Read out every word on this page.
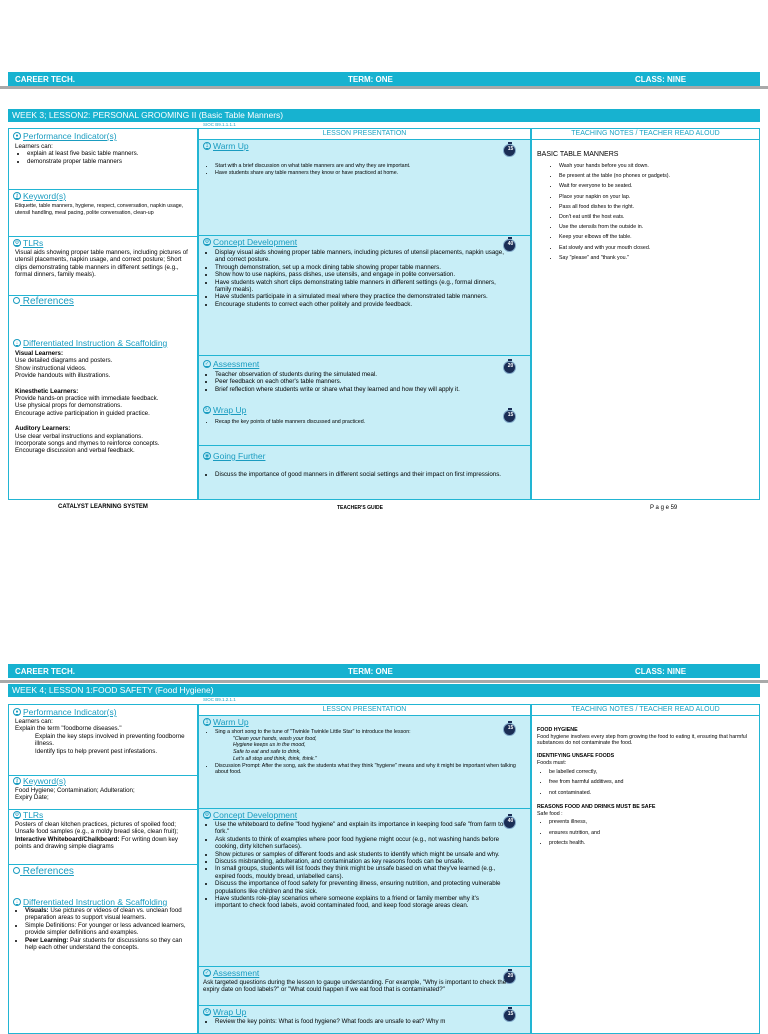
CAREER TECH.	TERM: ONE	CLASS: NINE
WEEK 3; LESSON2: PERSONAL GROOMING II (Basic Table Manners)
SIOC B9.1.1.1.1
● Performance Indicator(s)
Learners can:
• explain at least five basic table manners.
• demonstrate proper table manners
⚷ Keyword(s)
Etiquette, table manners, hygiene, respect, conversation, napkin usage, utensil handling, meal pacing, polite conversation, clean-up
⚙ TLRs
Visual aids showing proper table manners, including pictures of utensil placements, napkin usage, and correct posture; Short clips demonstrating table manners in different settings (e.g., formal dinners, family meals).
References
↓ Differentiated Instruction & Scaffolding
Visual Learners:
Use detailed diagrams and posters.
Show instructional videos.
Provide handouts with illustrations.
Kinesthetic Learners:
Provide hands-on practice with immediate feedback.
Use physical props for demonstrations.
Encourage active participation in guided practice.
Auditory Learners:
Use clear verbal instructions and explanations.
Incorporate songs and rhymes to reinforce concepts.
Encourage discussion and verbal feedback.
LESSON PRESENTATION
1 Warm Up	15
• Start with a brief discussion on what table manners are and why they are important.
• Have students share any table manners they know or have practiced at home.
⚙ Concept Development	40
• Display visual aids showing proper table manners, including pictures of utensil placements, napkin usage, and correct posture.
• Through demonstration, set up a mock dining table showing proper table manners.
• Show how to use napkins, pass dishes, use utensils, and engage in polite conversation.
• Have students watch short clips demonstrating table manners in different settings (e.g., formal dinners, family meals).
• Have students participate in a simulated meal where they practice the demonstrated table manners.
• Encourage students to correct each other politely and provide feedback.
✓ Assessment	20
• Teacher observation of students during the simulated meal.
• Peer feedback on each other's table manners.
• Brief reflection where students write or share what they learned and how they will apply it.
↻ Wrap Up	15
• Recap the key points of table manners discussed and practiced.
◉ Going Further
• Discuss the importance of good manners in different social settings and their impact on first impressions.
TEACHING NOTES / TEACHER READ ALOUD
BASIC TABLE MANNERS
• Wash your hands before you sit down.
• Be present at the table (no phones or gadgets).
• Wait for everyone to be seated.
• Place your napkin on your lap.
• Pass all food dishes to the right.
• Don't eat until the host eats.
• Use the utensils from the outside in.
• Keep your elbows off the table.
• Eat slowly and with your mouth closed.
• Say "please" and "thank you."
CATALYST LEARNING SYSTEM	TEACHER'S GUIDE	P a g e 59
CAREER TECH.	TERM: ONE	CLASS: NINE
WEEK 4; LESSON 1:FOOD SAFETY (Food Hygiene)
SIOC B9.1.2.1.1
● Performance Indicator(s)
Learners can:
Explain the term "foodborne diseases."
Explain the key steps involved in preventing foodborne illness.
Identify tips to help prevent pest infestations.
⚷ Keyword(s)
Food Hygiene; Contamination; Adulteration; Expiry Date;
⚙ TLRs
Posters of clean kitchen practices, pictures of spoiled food; Unsafe food samples (e.g., a moldy bread slice, clean fruit); Interactive Whiteboard/Chalkboard: For writing down key points and drawing simple diagrams
References
↓ Differentiated Instruction & Scaffolding
• Visuals: Use pictures or videos of clean vs. unclean food preparation areas to support visual learners.
• Simple Definitions: For younger or less advanced learners, provide simpler definitions and examples.
• Peer Learning: Pair students for discussions so they can help each other understand the concepts.
LESSON PRESENTATION
1 Warm Up
15
• Sing a short song to the tune of "Twinkle Twinkle Little Star" to introduce the lesson:
"Clean your hands, wash your food,
Hygiene keeps us in the mood,
Safe to eat and safe to drink,
Let's all stop and think, think, think."
• Discussion Prompt: After the song, ask the students what they think "hygiene" means and why it might be important when talking about food.
⚙ Concept Development
40
• Use the whiteboard to define "food hygiene" and explain its importance in keeping food safe "from farm to fork."
• Ask students to think of examples where poor food hygiene might occur (e.g., not washing hands before cooking, dirty kitchen surfaces).
• Show pictures or samples of different foods and ask students to identify which might be unsafe and why.
• Discuss misbranding, adulteration, and contamination as key reasons foods can be unsafe.
• In small groups, students will list foods they think might be unsafe based on what they've learned (e.g., expired foods, mouldy bread, unlabelled cans).
• Discuss the importance of food safety for preventing illness, ensuring nutrition, and protecting vulnerable populations like children and the sick.
• Have students role-play scenarios where someone explains to a friend or family member why it's important to check food labels, avoid contaminated food, and keep food storage areas clean.
✓ Assessment	20
Ask targeted questions during the lesson to gauge understanding. For example, "Why is important to check the expiry date on food labels?" or "What could happen if we eat food that is contaminated?"
↻ Wrap Up	15
• Review the key points: What is food hygiene? What foods are unsafe to eat? Why m
TEACHING NOTES / TEACHER READ ALOUD
FOOD HYGIENE
Food hygiene involves every step from growing the food to eating it, ensuring that harmful substances do not contaminate the food.
IDENTIFYING UNSAFE FOODS
Foods must:
• be labelled correctly,
• free from harmful additives, and
• not contaminated.
REASONS FOOD AND DRINKS MUST BE SAFE
Safe food :
• prevents illness,
• ensures nutrition, and
• protects health.
